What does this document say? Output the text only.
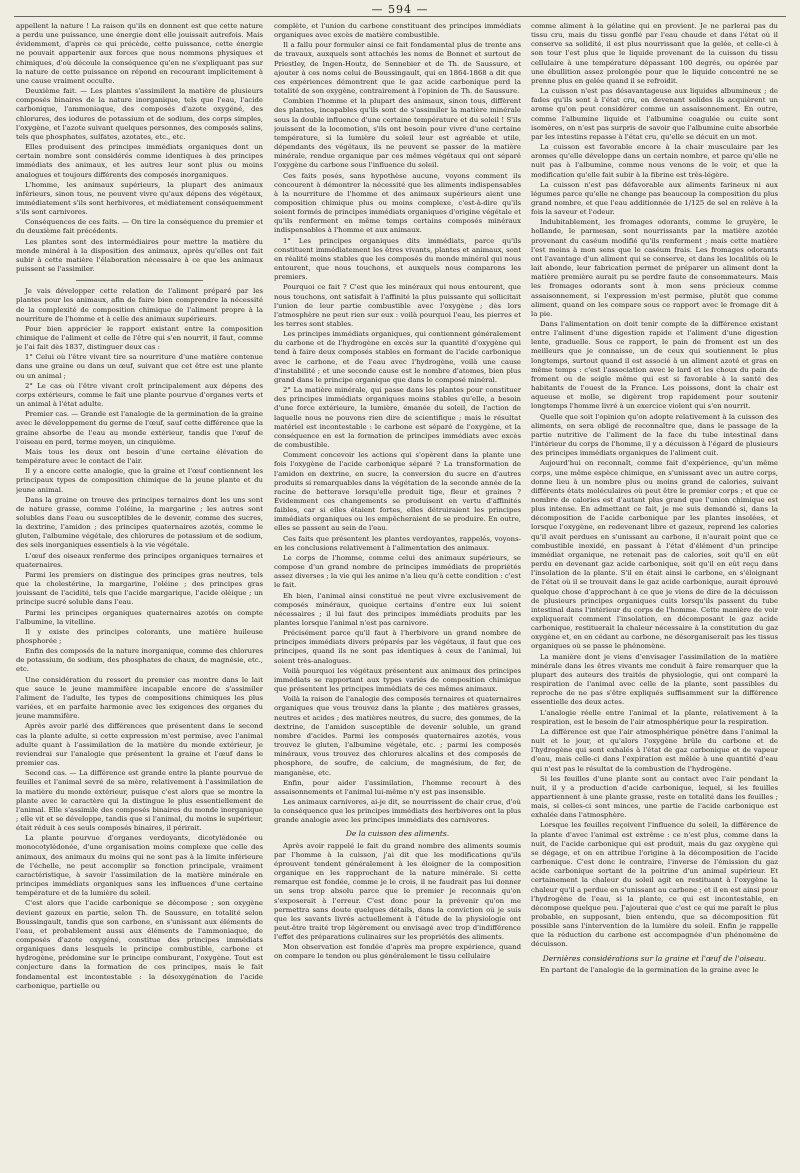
— 594 —

appellent la nature ! La raison qu'ils en donnent est que cette nature a perdu une puissance, une énergie dont elle jouissait autrefois. Mais évidemment, d'après ce qui précède, cette puissance, cette énergie ne pouvait appartenir aux forces que nous nommons physiques et chimiques, d'où découle la conséquence qu'en ne s'expliquant pas sur la nature de cette puissance on répond en recourant implicitement à une cause vraiment occulte.

Deuxième fait. — Les plantes s'assimilent la matière de plusieurs composés binaires de la nature inorganique, tels que l'eau, l'acide carbonique, l'ammoniaque, des composés d'azote oxygéné, des chlorures, des iodures de potassium et de sodium, des corps simples, l'oxygène, et l'azote suivant quelques personnes, des composés salins, tels que phosphates, sulfates, azotates, etc., etc.

Elles produisent des principes immédiats organiques dont un certain nombre sont considérés comme identiques à des principes immédiats des animaux, et les autres leur sont plus ou moins analogues et toujours différents des composés inorganiques.

L'homme, les animaux supérieurs, la plupart des animaux inférieurs, sinon tous, ne peuvent vivre qu'aux dépens des végétaux, immédiatement s'ils sont herbivores, et médiatement conséquemment s'ils sont carnivores.

Conséquences de ces faits. — On tire la conséquence du premier et du deuxième fait précédents.

Les plantes sont des intermédiaires pour mettre la matière du monde minéral à la disposition des animaux, après qu'elles ont fait subir à cette matière l'élaboration nécessaire à ce que les animaux puissent se l'assimiler.

Je vais développer cette relation de l'aliment préparé par les plantes pour les animaux, afin de faire bien comprendre la nécessité de la complexité de composition chimique de l'aliment propre à la nourriture de l'homme et à celle des animaux supérieurs.

Pour bien apprécier le rapport existant entre la composition chimique de l'aliment et celle de l'être qui s'en nourrit, il faut, comme je l'ai fait dès 1837, distinguer deux cas :

1° Celui où l'être vivant tire sa nourriture d'une matière contenue dans une graine ou dans un œuf, suivant que cet être est une plante ou un animal ;

2° Le cas où l'être vivant croît principalement aux dépens des corps extérieurs, comme le fait une plante pourvue d'organes verts et un animal à l'état adulte.

Premier cas. — Grande est l'analogie de la germination de la graine avec le développement du germe de l'œuf, sauf cette différence que la graine absorbe de l'eau au monde extérieur, tandis que l'œuf de l'oiseau en perd, terme moyen, un cinquième.

Mais tous les deux ont besoin d'une certaine élévation de température avec le contact de l'air.

Il y a encore cette analogie, que la graine et l'œuf contiennent les principaux types de composition chimique de la jeune plante et du jeune animal.

Dans la graine on trouve des principes ternaires dont les uns sont de nature grasse, comme l'oléine, la margarine ; les autres sont solubles dans l'eau ou susceptibles de le devenir, comme des sucres, la dextrine, l'amidon ; des principes quaternaires azotés, comme le gluten, l'albumine végétale, des chlorures de potassium et de sodium, des sels inorganiques essentiels à la vie végétale.

L'œuf des oiseaux renferme des principes organiques ternaires et quaternaires.

Parmi les premiers on distingue des principes gras neutres, tels que la cholestérine, la margarine, l'oléine ; des principes gras jouissant de l'acidité, tels que l'acide margarique, l'acide oléique ; un principe sucré soluble dans l'eau.

Parmi les principes organiques quaternaires azotés on compte l'albumine, la vitelline.

Il y existe des principes colorants, une matière huileuse phosphorée ;

Enfin des composés de la nature inorganique, comme des chlorures de potassium, de sodium, des phosphates de chaux, de magnésie, etc., etc.

Une considération du ressort du premier cas montre dans le lait que sauce le jeune mammifère incapable encore de s'assimiler l'aliment de l'adulte, les types de compositions chimiques les plus variées, et en parfaite harmonie avec les exigences des organes du jeune mammifère.

Après avoir parlé des différences que présentent dans le second cas la plante adulte, si cette expression m'est permise, avec l'animal adulte quant à l'assimilation de la matière du monde extérieur, je reviendrai sur l'analogie que présentent la graine et l'œuf dans le premier cas.

Second cas. — La différence est grande entre la plante pourvue de feuilles et l'animal sevré de sa mère, relativement à l'assimilation de la matière du monde extérieur, puisque c'est alors que se montre la plante avec le caractère qui la distingue le plus essentiellement de l'animal. Elle s'assimile des composés binaires du monde inorganique ; elle vit et se développe, tandis que si l'animal, du moins le supérieur, était réduit à ces seuls composés binaires, il périrait.

La plante pourvue d'organes verdoyants, dicotylédonée ou monocotylédonée, d'une organisation moins complexe que celle des animaux, des animaux du moins qui ne sont pas à la limite inférieure de l'échelle, ne peut accomplir sa fonction principale, vraiment caractéristique, à savoir l'assimilation de la matière minérale en principes immédiats organiques sans les influences d'une certaine température et de la lumière du soleil.

C'est alors que l'acide carbonique se décompose ; son oxygène devient gazeux en partie, selon Th. de Saussure, en totalité selon Boussingault, tandis que son carbone, en s'unissant aux éléments de l'eau, et probablement aussi aux éléments de l'ammoniaque, de composés d'azote oxygéné, constitue des principes immédiats organiques dans lesquels le principe combustible, carbone et hydrogène, prédomine sur le principe comburant, l'oxygène. Tout est conjecture dans la formation de ces principes, mais le fait fondamental est incontestable : la désoxygénation de l'acide carbonique, partielle ou

complète, et l'union du carbone constituant des principes immédiats organiques avec excès de matière combustible.

Il a fallu pour formuler ainsi ce fait fondamental plus de trente ans de travaux, auxquels sont attachés les noms de Bonnet et surtout de Priestley, de Ingen-Houtz, de Sennebier et de Th. de Saussure, et ajouter à ces noms celui de Boussingault, qui en 1864-1868 a dit que ces expériences démontrent que le gaz acide carbonique perd la totalité de son oxygène, contrairement à l'opinion de Th. de Saussure.

Combien l'homme et la plupart des animaux, sinon tous, diffèrent des plantes, incapables qu'ils sont de s'assimiler la matière minérale sous la double influence d'une certaine température et du soleil ! S'ils jouissent de la locomotion, s'ils ont besoin pour vivre d'une certaine température, si la lumière du soleil leur est agréable et utile, dépendants des végétaux, ils ne peuvent se passer de la matière minérale, rendue organique par ces mêmes végétaux qui ont séparé l'oxygène du carbone sous l'influence du soleil.

Ces faits posés, sans hypothèse aucune, voyons comment ils concourent à démontrer la nécessité que les aliments indispensables à la nourriture de l'homme et des animaux supérieurs aient une composition chimique plus ou moins complexe, c'est-à-dire qu'ils soient formés de principes immédiats organiques d'origine végétale et qu'ils renferment en même temps certains composés minéraux indispensables à l'homme et aux animaux.

1° Les principes organiques dits immédiats, parce qu'ils constituent immédiatement les êtres vivants, plantes et animaux, sont en réalité moins stables que les composés du monde minéral qui nous entourent, que nous touchons, et auxquels nous comparons les premiers.

Pourquoi ce fait ? C'est que les minéraux qui nous entourent, que nous touchons, ont satisfait à l'affinité la plus puissante qui sollicitait l'union de leur partie combustible avec l'oxygène ; dès lors l'atmosphère ne peut rien sur eux : voilà pourquoi l'eau, les pierres et les terres sont stables.

Les principes immédiats organiques, qui contiennent généralement du carbone et de l'hydrogène en excès sur la quantité d'oxygène qui tend à faire deux composés stables en formant de l'acide carbonique avec le carbone, et de l'eau avec l'hydrogène, voilà une cause d'instabilité ; et une seconde cause est le nombre d'atomes, bien plus grand dans le principe organique que dans le composé minéral.

2° La matière minérale, qui passe dans les plantes pour constituer des principes immédiats organiques moins stables qu'elle, a besoin d'une force extérieure, la lumière, émanée du soleil, de l'action de laquelle nous ne pouvons rien dire de scientifique ; mais le résultat matériel est incontestable : le carbone est séparé de l'oxygène, et la conséquence en est la formation de principes immédiats avec excès de combustible.

Comment concevoir les actions qui s'opèrent dans la plante une fois l'oxygène de l'acide carbonique séparé ? La transformation de l'amidon en dextrine, en sucre, la conversion du sucre en d'autres produits si remarquables dans la végétation de la seconde année de la racine de betterave lorsqu'elle produit tige, fleur et graines ? Évidemment ces changements se produisent en vertu d'affinités faibles, car si elles étaient fortes, elles détruiraient les principes immédiats organiques ou les empêcheraient de se produire. En outre, elles se passent au sein de l'eau.

Ces faits que présentent les plantes verdoyantes, rappelés, voyons-en les conclusions relativement à l'alimentation des animaux.

Le corps de l'homme, comme celui des animaux supérieurs, se compose d'un grand nombre de principes immédiats de propriétés assez diverses ; la vie qui les anime n'a lieu qu'à cette condition : c'est le fait.

Eh bien, l'animal ainsi constitué ne peut vivre exclusivement de composés minéraux, quoique certains d'entre eux lui soient nécessaires ; il lui faut des principes immédiats produits par les plantes lorsque l'animal n'est pas carnivore.

Précisément parce qu'il faut à l'herbivore un grand nombre de principes immédiats divers préparés par les végétaux, il faut que ces principes, quand ils ne sont pas identiques à ceux de l'animal, lui soient très-analogues.

Voilà pourquoi les végétaux présentent aux animaux des principes immédiats se rapportant aux types variés de composition chimique que présentent les principes immédiats de ces mêmes animaux.

Voilà la raison de l'analogie des composés ternaires et quaternaires organiques que vous trouvez dans la plante ; des matières grasses, neutres et acides ; des matières neutres, du sucre, des gommes, de la dextrine, de l'amidon susceptible de devenir soluble, un grand nombre d'acides. Parmi les composés quaternaires azotés, vous trouvez le gluten, l'albumine végétale, etc. ; parmi les composés minéraux, vous trouvez des chlorures alcalins et des composés de phosphore, de soufre, de calcium, de magnésium, de fer, de manganèse, etc.

Enfin, pour aider l'assimilation, l'homme recourt à des assaisonnements et l'animal lui-même n'y est pas insensible.

Les animaux carnivores, ai-je dit, se nourrissent de chair crue, d'où la conséquence que les principes immédiats des herbivores ont la plus grande analogie avec les principes immédiats des carnivores.

De la cuisson des aliments.

Après avoir rappelé le fait du grand nombre des aliments soumis par l'homme à la cuisson, j'ai dit que les modifications qu'ils éprouvent tendent généralement à les éloigner de la composition organique en les rapprochant de la nature minérale. Si cette remarque est fondée, comme je le crois, il ne faudrait pas lui donner un sens trop absolu parce que le premier je reconnais qu'on s'exposerait à l'erreur. C'est donc pour la prévenir qu'on me permettra sans doute quelques détails, dans la conviction où je suis que les savants livrés actuellement à l'étude de la physiologie ont peut-être traité trop légèrement ou envisagé avec trop d'indifférence l'effet des préparations culinaires sur les propriétés des aliments.

Mon observation est fondée d'après ma propre expérience, quand on compare le tendon ou plus généralement le tissu cellulaire

comme aliment à la gélatine qui en provient. Je ne parlerai pas du tissu cru, mais du tissu gonflé par l'eau chaude et dans l'état où il conserve sa solidité, il est plus nourrissant que la gelée, et celle-ci à son tour l'est plus que le liquide provenant de la cuisson du tissu cellulaire à une température dépassant 100 degrés, ou opérée par une ébullition assez prolongée pour que le liquide concentré ne se prenne plus en gelée quand il se refroidit.

La cuisson n'est pas désavantageuse aux liquides albumineux ; de fades qu'ils sont à l'état cru, en devenant solides ils acquièrent un arome qu'on peut considérer comme un assaisonnement. En outre, comme l'albumine liquide et l'albumine coagulée ou cuite sont isomères, on n'est pas surpris de savoir que l'albumine cuite absorbée par les intestins repasse à l'état cru, qu'elle se décuit en un mot.

La cuisson est favorable encore à la chair musculaire par les aromes qu'elle développe dans un certain nombre, et parce qu'elle ne nuit pas à l'albumine, comme nous venons de le voir, et que la modification qu'elle fait subir à la fibrine est très-légère.

La cuisson n'est pas défavorable aux aliments farineux ni aux légumes parce qu'elle ne change pas beaucoup la composition du plus grand nombre, et que l'eau additionnée de 1/125 de sel en relève à la fois la saveur et l'odeur.

Indubitablement, les fromages odorants, comme le gruyère, le hollande, le parmesan, sont nourrissants par la matière azotée provenant du caséum modifié qu'ils renferment ; mais cette matière l'est moins à mon sens que le caséum frais. Les fromages odorants ont l'avantage d'un aliment qui se conserve, et dans les localités où le lait abonde, leur fabrication permet de préparer un aliment dont la matière première aurait pu se perdre faute de consommateurs. Mais les fromages odorants sont à mon sens précieux comme assaisonnement, si l'expression m'est permise, plutôt que comme aliment, quand on les compare sous ce rapport avec le fromage dit à la pie.

Dans l'alimentation on doit tenir compte de la différence existant entre l'aliment d'une digestion rapide et l'aliment d'une digestion lente, graduelle. Sous ce rapport, le pain de froment est un des meilleurs que je connaisse, un de ceux qui soutiennent le plus longtemps, surtout quand il est associé à un aliment azoté et gras en même temps : c'est l'association avec le lard et les choux du pain de froment ou de seigle même qui est si favorable à la santé des habitants de l'ouest de la France. Les poissons, dont la chair est aqueuse et molle, se digèrent trop rapidement pour soutenir longtemps l'homme livré à un exercice violent qui s'en nourrit.

Quelle que soit l'opinion qu'on adopte relativement à la cuisson des aliments, on sera obligé de reconnaître que, dans le passage de la partie nutritive de l'aliment de la face du tube intestinal dans l'intérieur du corps de l'homme, il y a décuisson à l'égard de plusieurs des principes immédiats organiques de l'aliment cuit.

Aujourd'hui on reconnaît, comme fait d'expérience, qu'un même corps, une même espèce chimique, en s'unissant avec un autre corps, donne lieu à un nombre plus ou moins grand de calories, suivant différents états moléculaires où peut être le premier corps ; et que ce nombre de calories est d'autant plus grand que l'union chimique est plus intense. En admettant ce fait, je me suis demandé si, dans la décomposition de l'acide carbonique par les plantes insolées, et lorsque l'oxygène, en redevenant libre et gazeux, reprend les calories qu'il avait perdues en s'unissant au carbone, il n'aurait point que ce combustible inoxidé, en passant à l'état d'élément d'un principe immédiat organique, ne retenait pas de calories, soit qu'il en eût perdu en devenant gaz acide carbonique, soit qu'il en eût reçu dans l'insolation de la plante. S'il en était ainsi le carbone, en s'éloignant de l'état où il se trouvait dans le gaz acide carbonique, aurait éprouvé quelque chose d'approchant à ce que je viens de dire de la décuisson de plusieurs principes organiques cuits lorsqu'ils passent du tube intestinal dans l'intérieur du corps de l'homme. Cette manière de voir expliquerait comment l'insolation, en décomposant le gaz acide carbonique, restituerait la chaleur nécessaire à la constitution du gaz oxygène et, en en cédant au carbone, ne désorganiserait pas les tissus organiques où se passe le phénomène.

La manière dont je viens d'envisager l'assimilation de la matière minérale dans les êtres vivants me conduit à faire remarquer que la plupart des auteurs des traités de physiologie, qui ont comparé la respiration de l'animal avec celle de la plante, sont passibles du reproche de ne pas s'être expliqués suffisamment sur la différence essentielle des deux actes.

L'analogie réelle entre l'animal et la plante, relativement à la respiration, est le besoin de l'air atmosphérique pour la respiration.

La différence est que l'air atmosphérique pénètre dans l'animal la nuit et le jour, et qu'alors l'oxygène brûle du carbone et de l'hydrogène qui sont exhalés à l'état de gaz carbonique et de vapeur d'eau, mais celle-ci dans l'expiration est mêlée à une quantité d'eau qui n'est pas le résultat de la combustion de l'hydrogène.

Si les feuilles d'une plante sont au contact avec l'air pendant la nuit, il y a production d'acide carbonique, lequel, si les feuilles appartiennent à une plante grasse, reste en totalité dans les feuilles ; mais, si celles-ci sont minces, une partie de l'acide carbonique est exhalée dans l'atmosphère.

Lorsque les feuilles reçoivent l'influence du soleil, la différence de la plante d'avec l'animal est extrême : ce n'est plus, comme dans la nuit, de l'acide carbonique qui est produit, mais du gaz oxygène qui se dégage, et on en attribue l'origine à la décomposition de l'acide carbonique. C'est donc le contraire, l'inverse de l'émission du gaz acide carbonique sortant de la poitrine d'un animal supérieur. Et certainement la chaleur du soleil agit en restituant à l'oxygène la chaleur qu'il a perdue en s'unissant au carbone ; et il en est ainsi pour l'hydrogène de l'eau, si la plante, ce qui est incontestable, en décompose quelque peu. J'ajouterai que c'est ce qui me paraît le plus probable, en supposant, bien entendu, que sa décomposition fût possible sans l'intervention de la lumière du soleil. Enfin je rappelle que la réduction du carbone est accompagnée d'un phénomène de décuisson.

Dernières considérations sur la graine et l'œuf de l'oiseau.

En partant de l'analogie de la germination de la graine avec le
